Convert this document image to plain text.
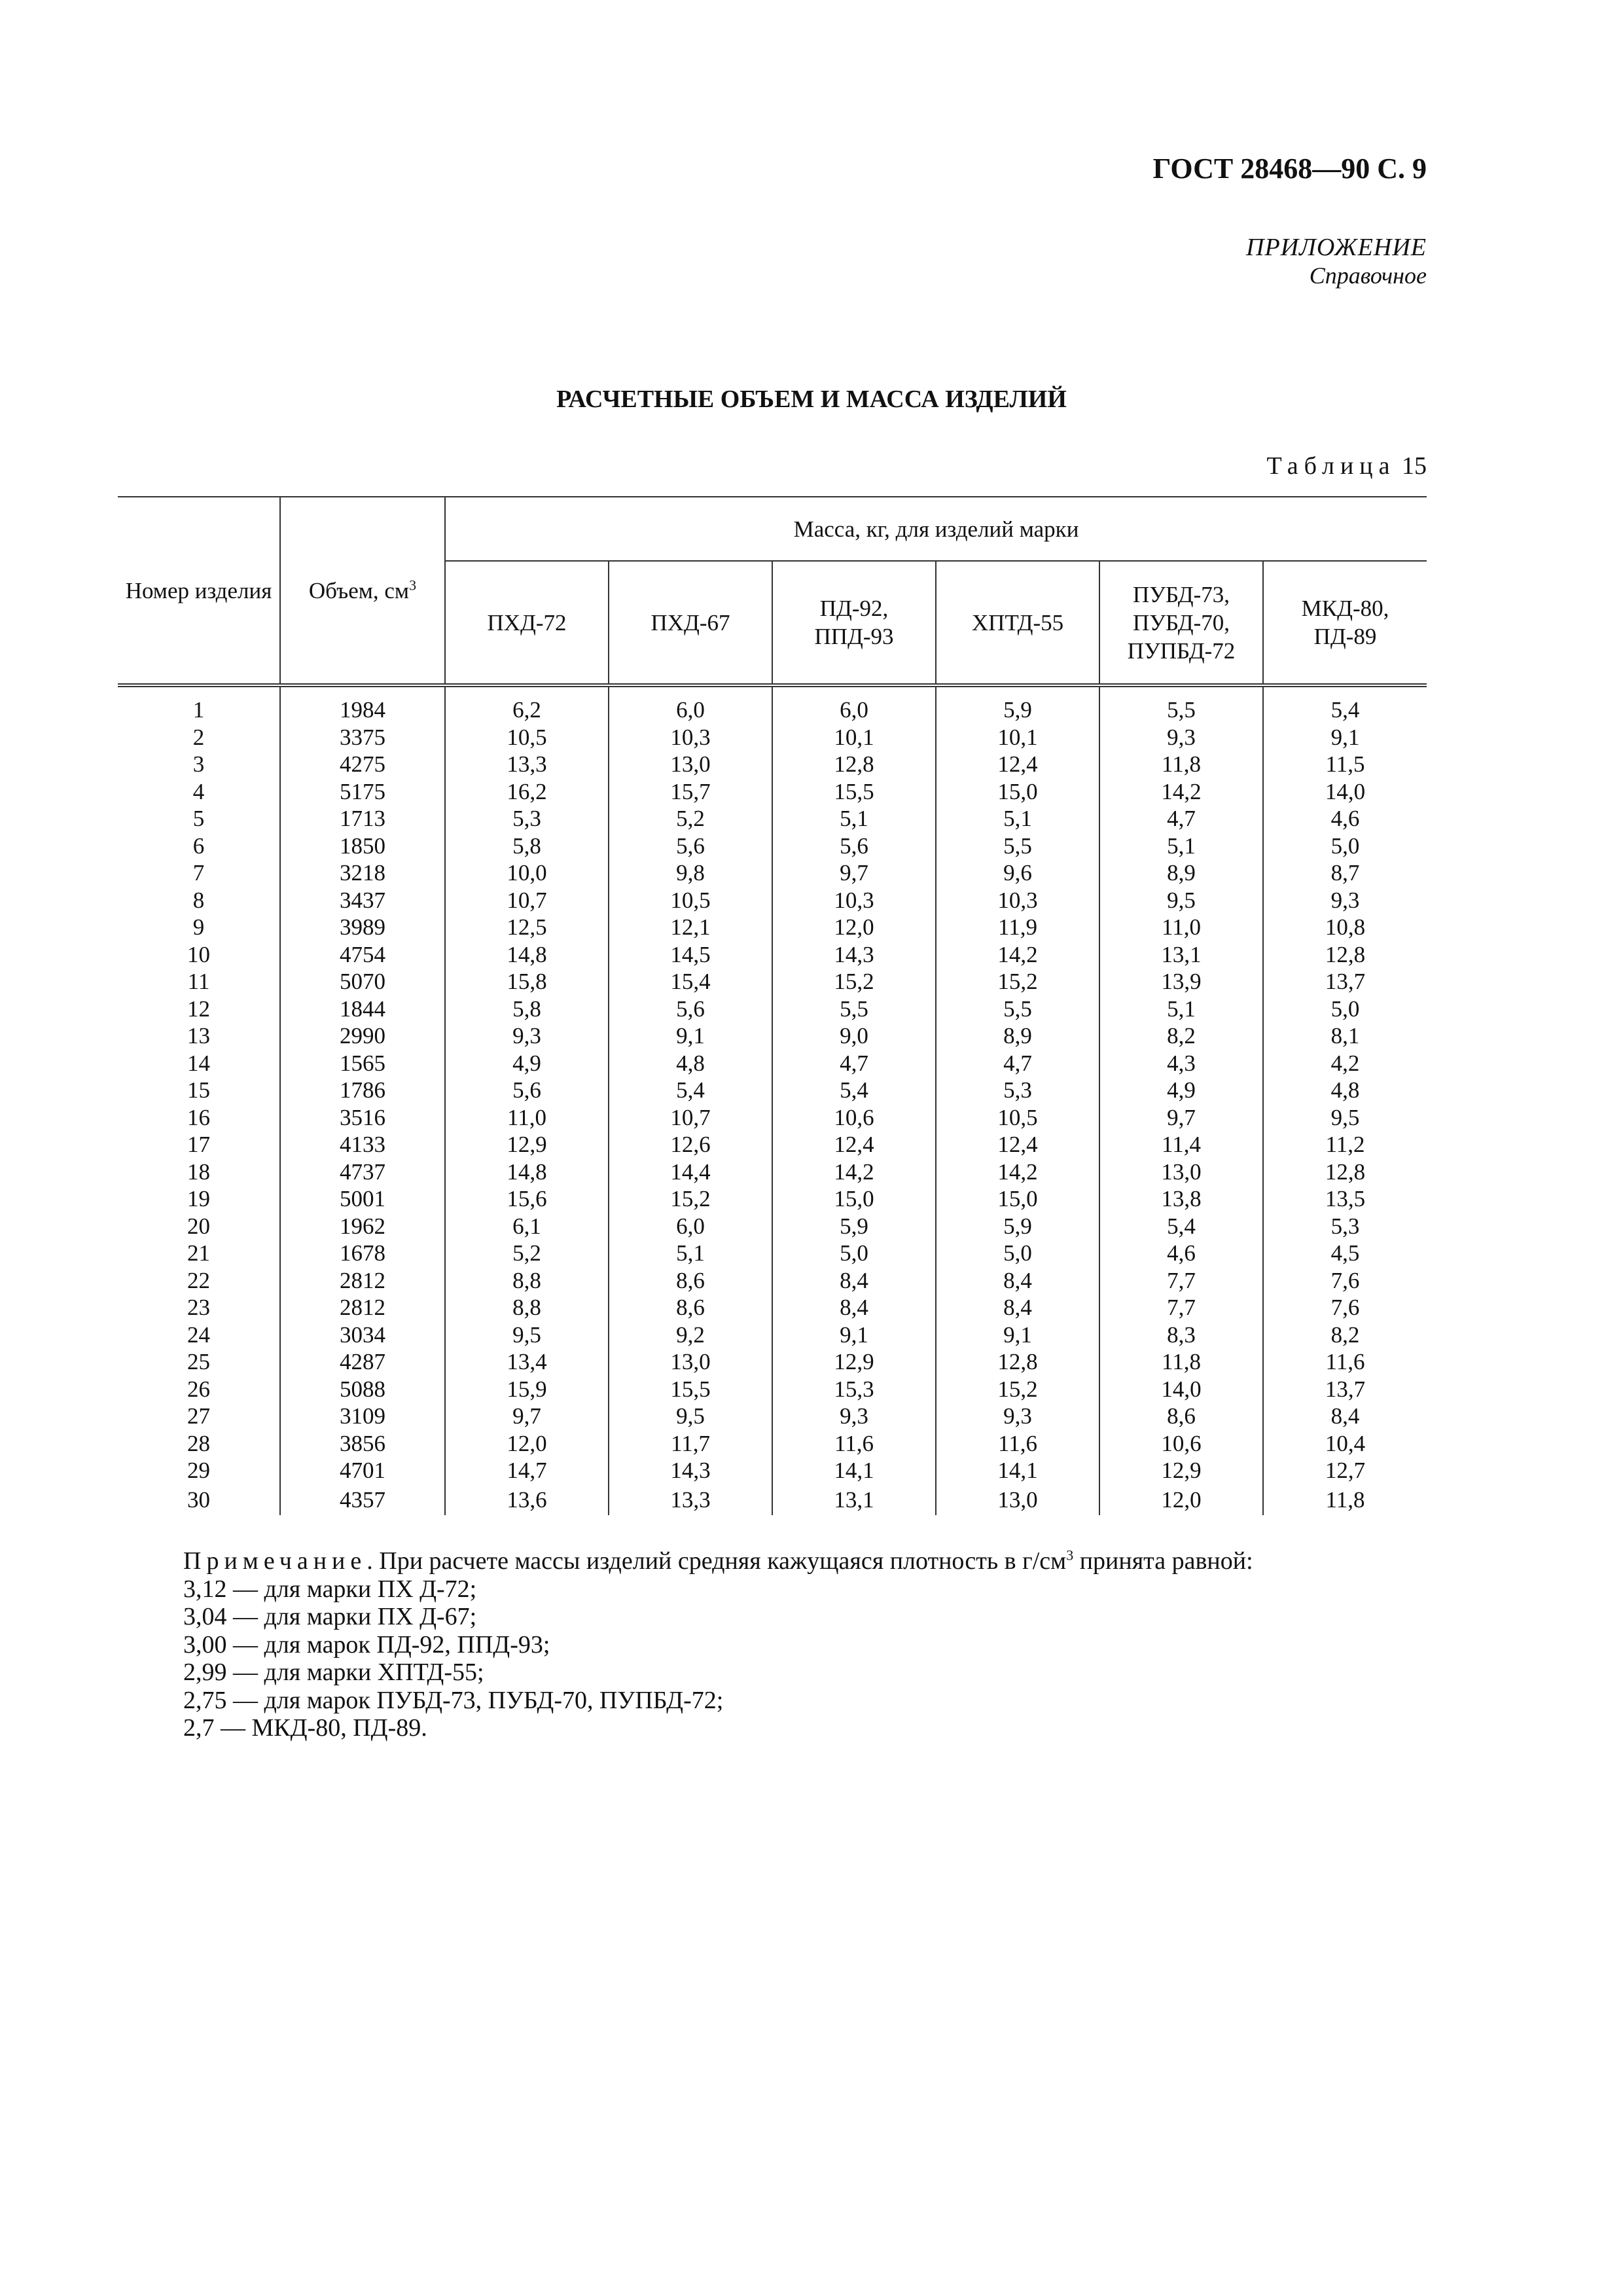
ГОСТ 28468—90 С. 9
ПРИЛОЖЕНИЕ
Справочное
РАСЧЕТНЫЕ ОБЪЕМ И МАССА ИЗДЕЛИЙ
Таблица 15
Номер изделия	Объем, $см^3$	Масса, кг, для изделий марки					
		ПХД-72	ПХД-67	ПД-92, ППД-93	ХПТД-55	ПУБД-73, ПУБД-70, ПУПБД-72	МКД-80, ПД-89
1	1984	6,2	6,0	6,0	5,9	5,5	5,4
2	3375	10,5	10,3	10,1	10,1	9,3	9,1
3	4275	13,3	13,0	12,8	12,4	11,8	11,5
4	5175	16,2	15,7	15,5	15,0	14,2	14,0
5	1713	5,3	5,2	5,1	5,1	4,7	4,6
6	1850	5,8	5,6	5,6	5,5	5,1	5,0
7	3218	10,0	9,8	9,7	9,6	8,9	8,7
8	3437	10,7	10,5	10,3	10,3	9,5	9,3
9	3989	12,5	12,1	12,0	11,9	11,0	10,8
10	4754	14,8	14,5	14,3	14,2	13,1	12,8
11	5070	15,8	15,4	15,2	15,2	13,9	13,7
12	1844	5,8	5,6	5,5	5,5	5,1	5,0
13	2990	9,3	9,1	9,0	8,9	8,2	8,1
14	1565	4,9	4,8	4,7	4,7	4,3	4,2
15	1786	5,6	5,4	5,4	5,3	4,9	4,8
16	3516	11,0	10,7	10,6	10,5	9,7	9,5
17	4133	12,9	12,6	12,4	12,4	11,4	11,2
18	4737	14,8	14,4	14,2	14,2	13,0	12,8
19	5001	15,6	15,2	15,0	15,0	13,8	13,5
20	1962	6,1	6,0	5,9	5,9	5,4	5,3
21	1678	5,2	5,1	5,0	5,0	4,6	4,5
22	2812	8,8	8,6	8,4	8,4	7,7	7,6
23	2812	8,8	8,6	8,4	8,4	7,7	7,6
24	3034	9,5	9,2	9,1	9,1	8,3	8,2
25	4287	13,4	13,0	12,9	12,8	11,8	11,6
26	5088	15,9	15,5	15,3	15,2	14,0	13,7
27	3109	9,7	9,5	9,3	9,3	8,6	8,4
28	3856	12,0	11,7	11,6	11,6	10,6	10,4
29	4701	14,7	14,3	14,1	14,1	12,9	12,7
30	4357	13,6	13,3	13,1	13,0	12,0	11,8
Примечание. При расчете массы изделий средняя кажущаяся плотность в $г/см^3$ принята равной:
3,12 — для марки ПХ Д-72;
3,04 — для марки ПХ Д-67;
3,00 — для марок ПД-92, ППД-93;
2,99 — для марки ХПТД-55;
2,75 — для марок ПУБД-73, ПУБД-70, ПУПБД-72;
2,7 — МКД-80, ПД-89.
